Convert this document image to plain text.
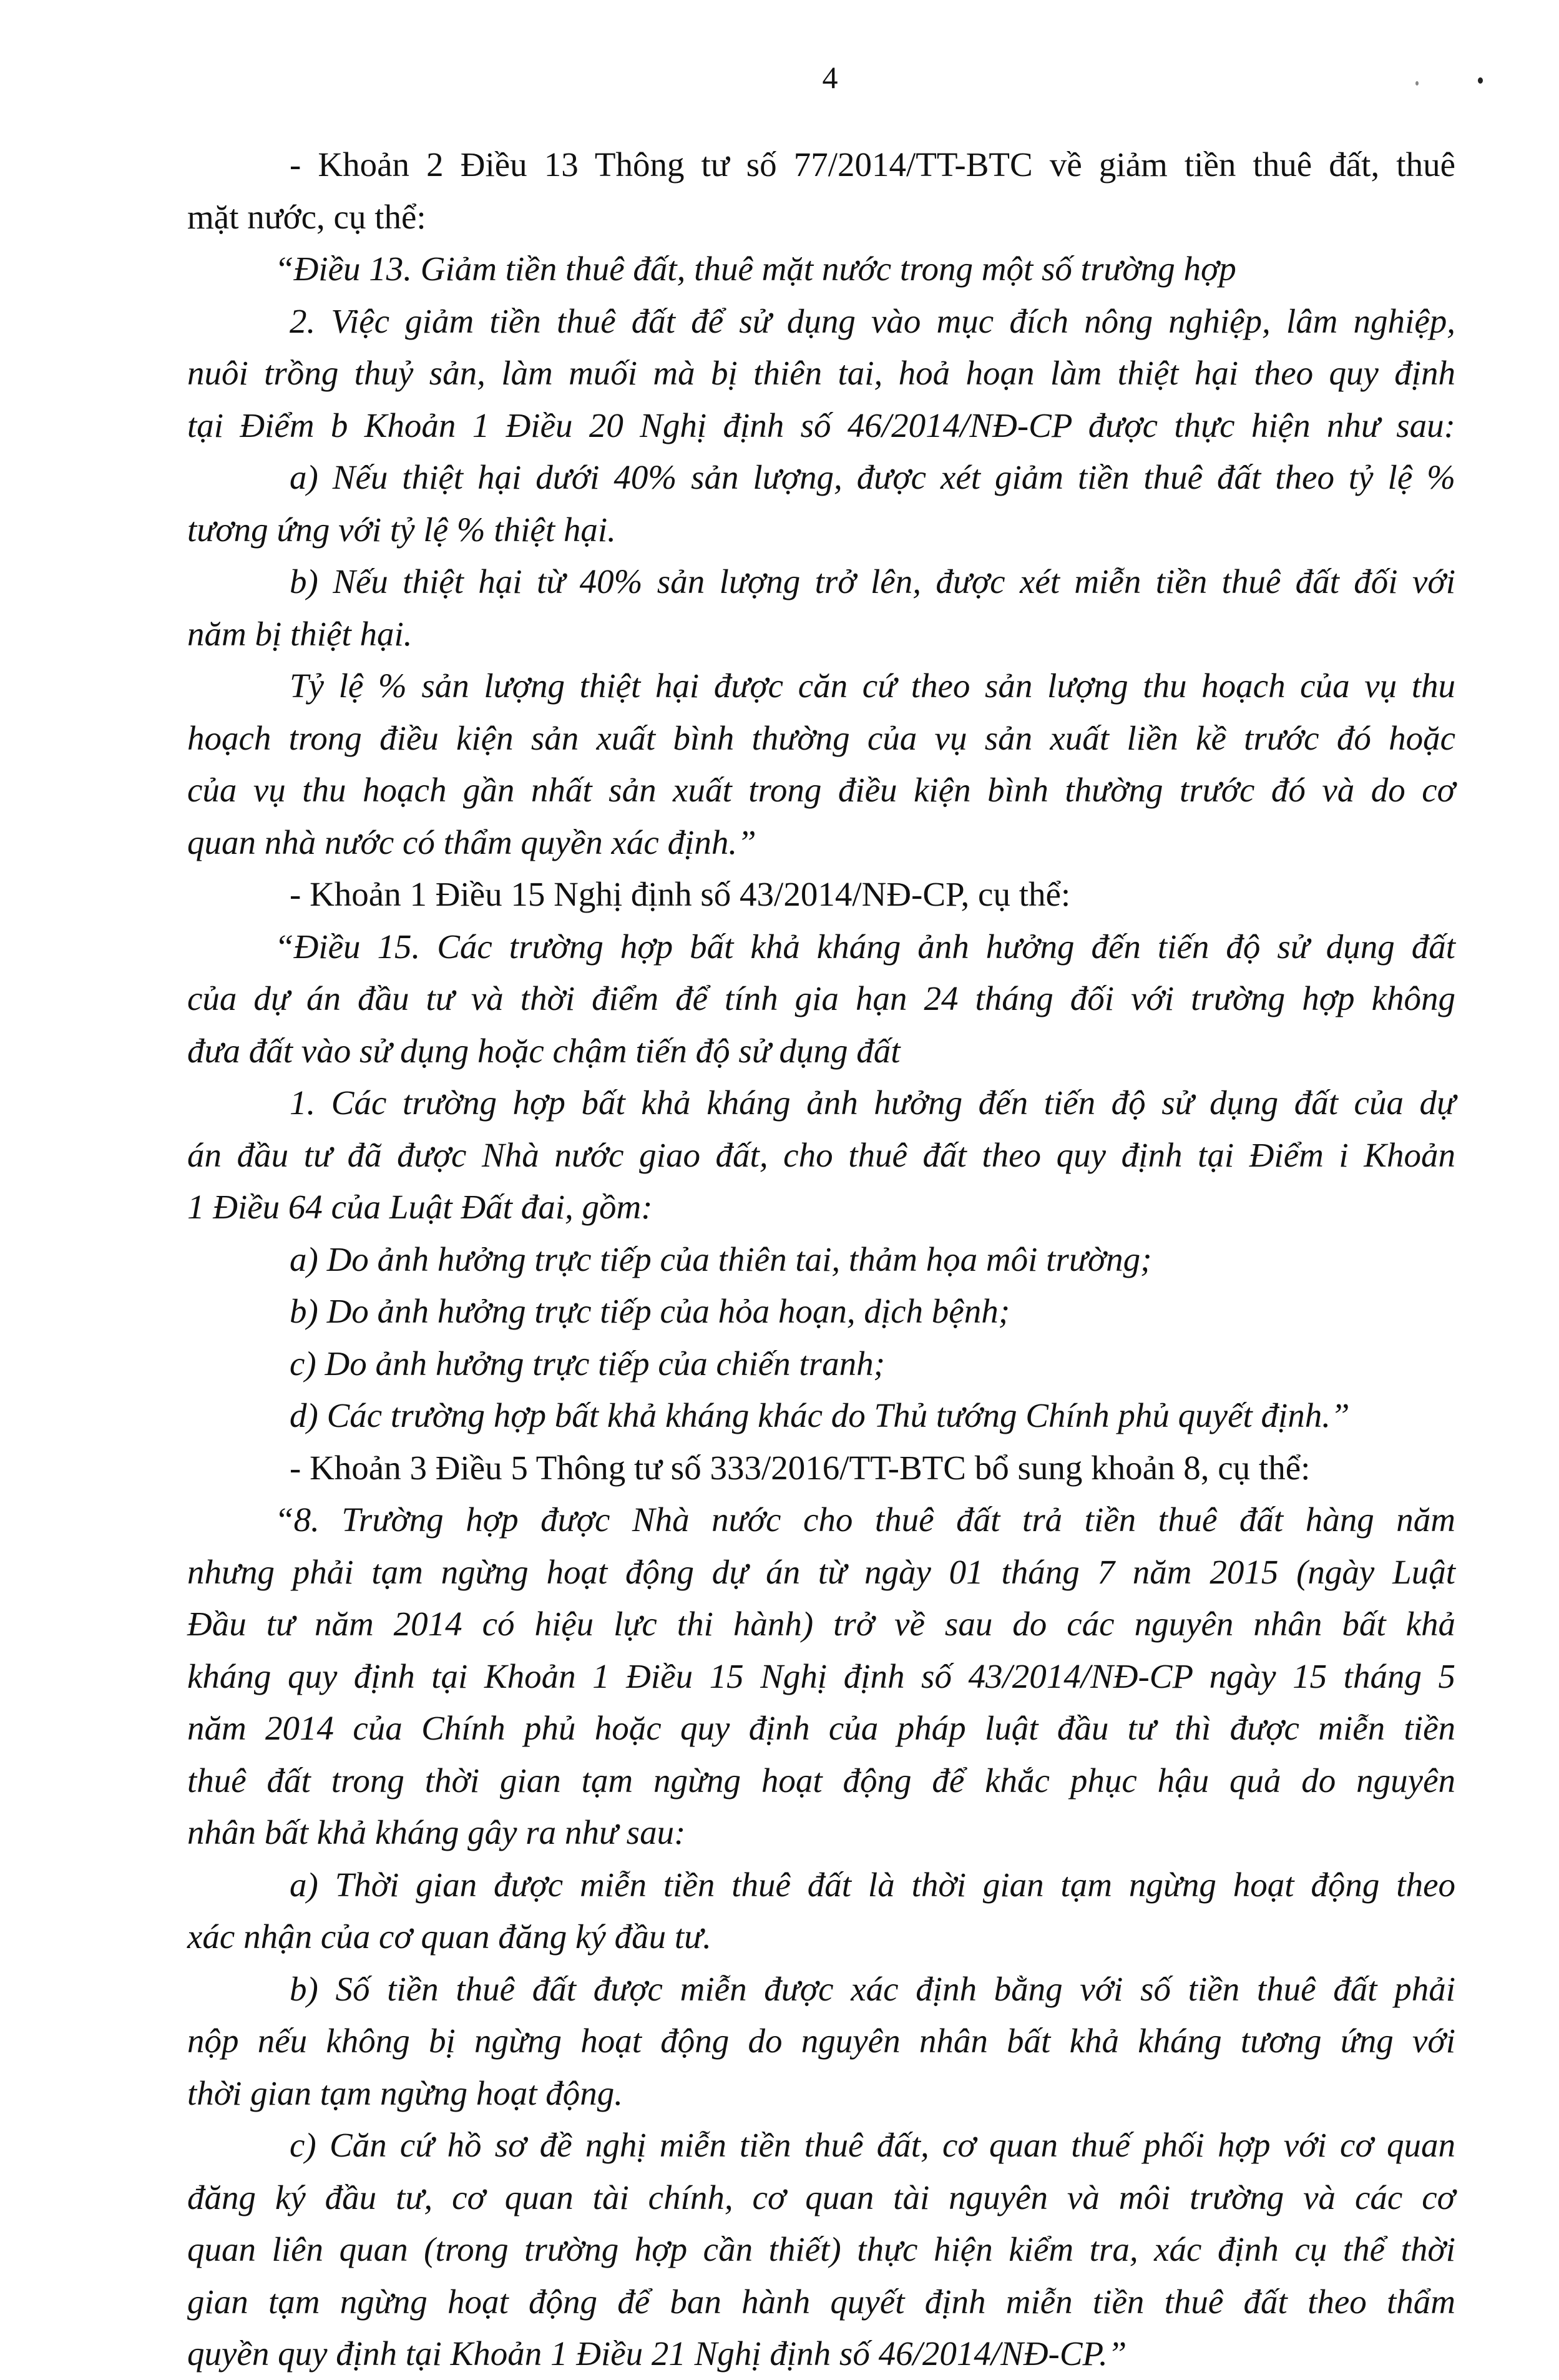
4
- Khoản 2 Điều 13 Thông tư số 77/2014/TT-BTC về giảm tiền thuê đất, thuê
mặt nước, cụ thể:
“Điều 13. Giảm tiền thuê đất, thuê mặt nước trong một số trường hợp
2. Việc giảm tiền thuê đất để sử dụng vào mục đích nông nghiệp, lâm nghiệp,
nuôi trồng thuỷ sản, làm muối mà bị thiên tai, hoả hoạn làm thiệt hại theo quy định
tại Điểm b Khoản 1 Điều 20 Nghị định số 46/2014/NĐ-CP được thực hiện như sau:
a) Nếu thiệt hại dưới 40% sản lượng, được xét giảm tiền thuê đất theo tỷ lệ %
tương ứng với tỷ lệ % thiệt hại.
b) Nếu thiệt hại từ 40% sản lượng trở lên, được xét miễn tiền thuê đất đối với
năm bị thiệt hại.
Tỷ lệ % sản lượng thiệt hại được căn cứ theo sản lượng thu hoạch của vụ thu
hoạch trong điều kiện sản xuất bình thường của vụ sản xuất liền kề trước đó hoặc
của vụ thu hoạch gần nhất sản xuất trong điều kiện bình thường trước đó và do cơ
quan nhà nước có thẩm quyền xác định.”
- Khoản 1 Điều 15 Nghị định số 43/2014/NĐ-CP, cụ thể:
“Điều 15. Các trường hợp bất khả kháng ảnh hưởng đến tiến độ sử dụng đất
của dự án đầu tư và thời điểm để tính gia hạn 24 tháng đối với trường hợp không
đưa đất vào sử dụng hoặc chậm tiến độ sử dụng đất
1. Các trường hợp bất khả kháng ảnh hưởng đến tiến độ sử dụng đất của dự
án đầu tư đã được Nhà nước giao đất, cho thuê đất theo quy định tại Điểm i Khoản
1 Điều 64 của Luật Đất đai, gồm:
a) Do ảnh hưởng trực tiếp của thiên tai, thảm họa môi trường;
b) Do ảnh hưởng trực tiếp của hỏa hoạn, dịch bệnh;
c) Do ảnh hưởng trực tiếp của chiến tranh;
d) Các trường hợp bất khả kháng khác do Thủ tướng Chính phủ quyết định.”
- Khoản 3 Điều 5 Thông tư số 333/2016/TT-BTC bổ sung khoản 8, cụ thể:
“8. Trường hợp được Nhà nước cho thuê đất trả tiền thuê đất hàng năm
nhưng phải tạm ngừng hoạt động dự án từ ngày 01 tháng 7 năm 2015 (ngày Luật
Đầu tư năm 2014 có hiệu lực thi hành) trở về sau do các nguyên nhân bất khả
kháng quy định tại Khoản 1 Điều 15 Nghị định số 43/2014/NĐ-CP ngày 15 tháng 5
năm 2014 của Chính phủ hoặc quy định của pháp luật đầu tư thì được miễn tiền
thuê đất trong thời gian tạm ngừng hoạt động để khắc phục hậu quả do nguyên
nhân bất khả kháng gây ra như sau:
a) Thời gian được miễn tiền thuê đất là thời gian tạm ngừng hoạt động theo
xác nhận của cơ quan đăng ký đầu tư.
b) Số tiền thuê đất được miễn được xác định bằng với số tiền thuê đất phải
nộp nếu không bị ngừng hoạt động do nguyên nhân bất khả kháng tương ứng với
thời gian tạm ngừng hoạt động.
c) Căn cứ hồ sơ đề nghị miễn tiền thuê đất, cơ quan thuế phối hợp với cơ quan
đăng ký đầu tư, cơ quan tài chính, cơ quan tài nguyên và môi trường và các cơ
quan liên quan (trong trường hợp cần thiết) thực hiện kiểm tra, xác định cụ thể thời
gian tạm ngừng hoạt động để ban hành quyết định miễn tiền thuê đất theo thẩm
quyền quy định tại Khoản 1 Điều 21 Nghị định số 46/2014/NĐ-CP.”
